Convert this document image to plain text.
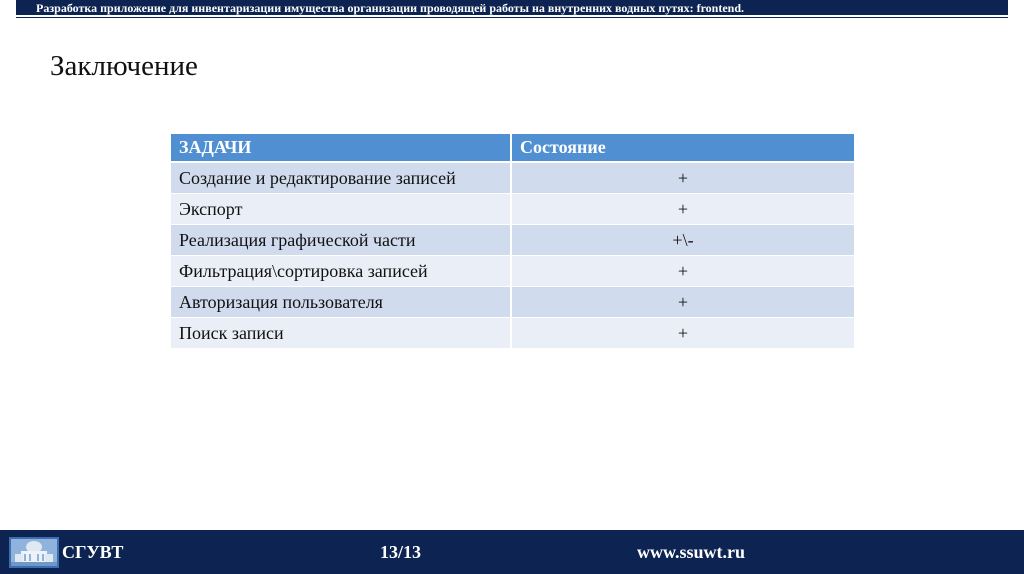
Разработка приложение для инвентаризации имущества организации проводящей работы на внутренних водных путях: frontend.
Заключение
ЗАДАЧИ	Состояние
Создание и редактирование записей	+
Экспорт	+
Реализация графической части	+\-
Фильтрация\сортировка записей	+
Авторизация пользователя	+
Поиск записи	+
СГУВТ	13/13	www.ssuwt.ru
